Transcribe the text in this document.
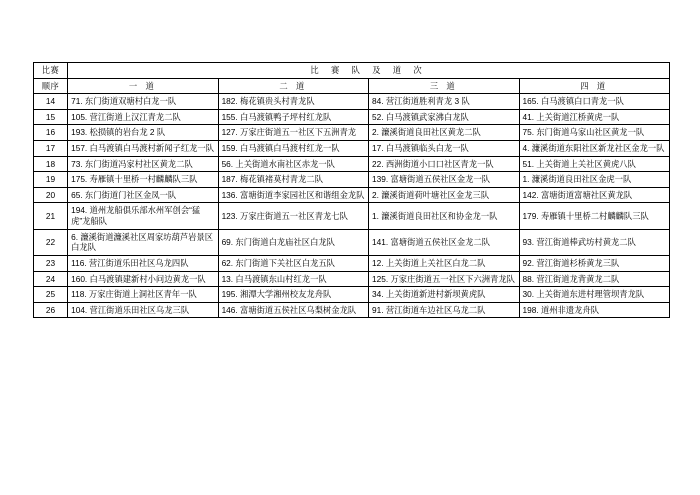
比赛	比 赛 队 及 道 次			
顺序	一 道	二 道	三 道	四 道
14	71. 东门街道双塘村白龙一队	182. 梅花镇贵头村青龙队	84. 营江街道胜利青龙 3 队	165. 白马渡镇白口青龙一队
15	105. 营江街道上汉江青龙二队	155. 白马渡镇鸭子坪村红龙队	52. 白马渡镇武家沸白龙队	41. 上关街道江桥黄虎一队
16	193. 松损镇的岩台龙 2 队	127. 万家庄街道五一社区下五洲青龙	2. 濂溪街道良田社区黄龙二队	75. 东门街道乌家山社区黄龙一队
17	157. 白马渡镇白马渡村新闻子红龙一队	159. 白马渡镇白马渡村红龙一队	17. 白马渡镇临头白龙一队	4. 濂溪街道东阳社区新龙社区金龙一队
18	73. 东门街道冯家村社区黄龙二队	56. 上关街道水南社区赤龙一队	22. 西洲街道小口口社区青龙一队	51. 上关街道上关社区黄虎八队
19	175. 寿雁镇十里桥一村麟麟队三队	187. 梅花镇褚莫村青龙二队	139. 富塘街道五侯社区金龙一队	1. 濂溪街道良田社区金虎一队
20	65. 东门街道门社区金凤一队	136. 富塘街道李家园社区和谐组金龙队	2. 濂溪街道荷叶塘社区金龙三队	142. 富塘街道富塘社区黄龙队
21	194. 道州龙船俱乐部水州军创会“猛虎”龙船队	123. 万家庄街道五一社区青龙七队	1. 濂溪街道良田社区和协金龙一队	179. 寿雁镇十里桥二村麟麟队三队
22	6. 濂溪街道濂溪社区周家坊葫芦岩景区白龙队	69. 东门街道白龙庙社区白龙队	141. 富塘街道五侯社区金龙二队	93. 营江街道棒武坊村黄龙二队
23	116. 营江街道乐田社区乌龙四队	62. 东门街道下关社区白龙五队	12. 上关街道上关社区白龙二队	92. 营江街道杉桥黄龙三队
24	160. 白马渡镇建新村小问边黄龙一队	13. 白马渡镇东山村红龙一队	125. 万家庄街道五一社区下六洲青龙队	88. 营江街道龙背黄龙二队
25	118. 万家庄街道上洞社区青年一队	195. 湘潭大学湘州校友龙舟队	34. 上关街道新进村新坝黄虎队	30. 上关街道东进村理管坝青龙队
26	104. 营江街道乐田社区乌龙三队	146. 富塘街道五侯社区乌梨树金龙队	91. 营江街道车边社区乌龙二队	198. 道州非遗龙舟队
